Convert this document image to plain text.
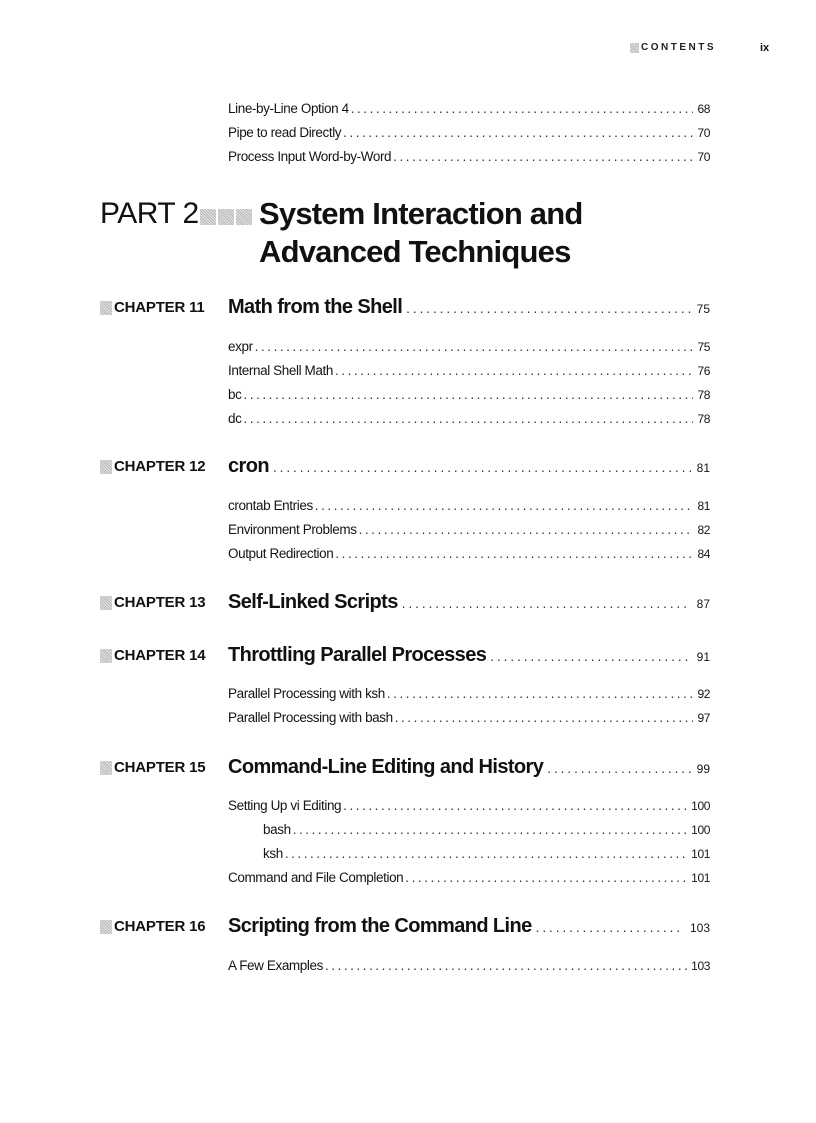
CONTENTS	ix
Line-by-Line Option 4 . . .	68
Pipe to read Directly . . .	70
Process Input Word-by-Word . . .	70
PART 2 System Interaction and Advanced Techniques
CHAPTER 11 Math from the Shell . . .	75
expr . . .	75
Internal Shell Math . . .	76
bc . . .	78
dc . . .	78
CHAPTER 12 cron . . .	81
crontab Entries . . .	81
Environment Problems . . .	82
Output Redirection . . .	84
CHAPTER 13 Self-Linked Scripts . . .	87
CHAPTER 14 Throttling Parallel Processes . . .	91
Parallel Processing with ksh . . .	92
Parallel Processing with bash . . .	97
CHAPTER 15 Command-Line Editing and History . . .	99
Setting Up vi Editing . . .	100
bash . . .	100
ksh . . .	101
Command and File Completion . . .	101
CHAPTER 16 Scripting from the Command Line . . .	103
A Few Examples . . .	103
